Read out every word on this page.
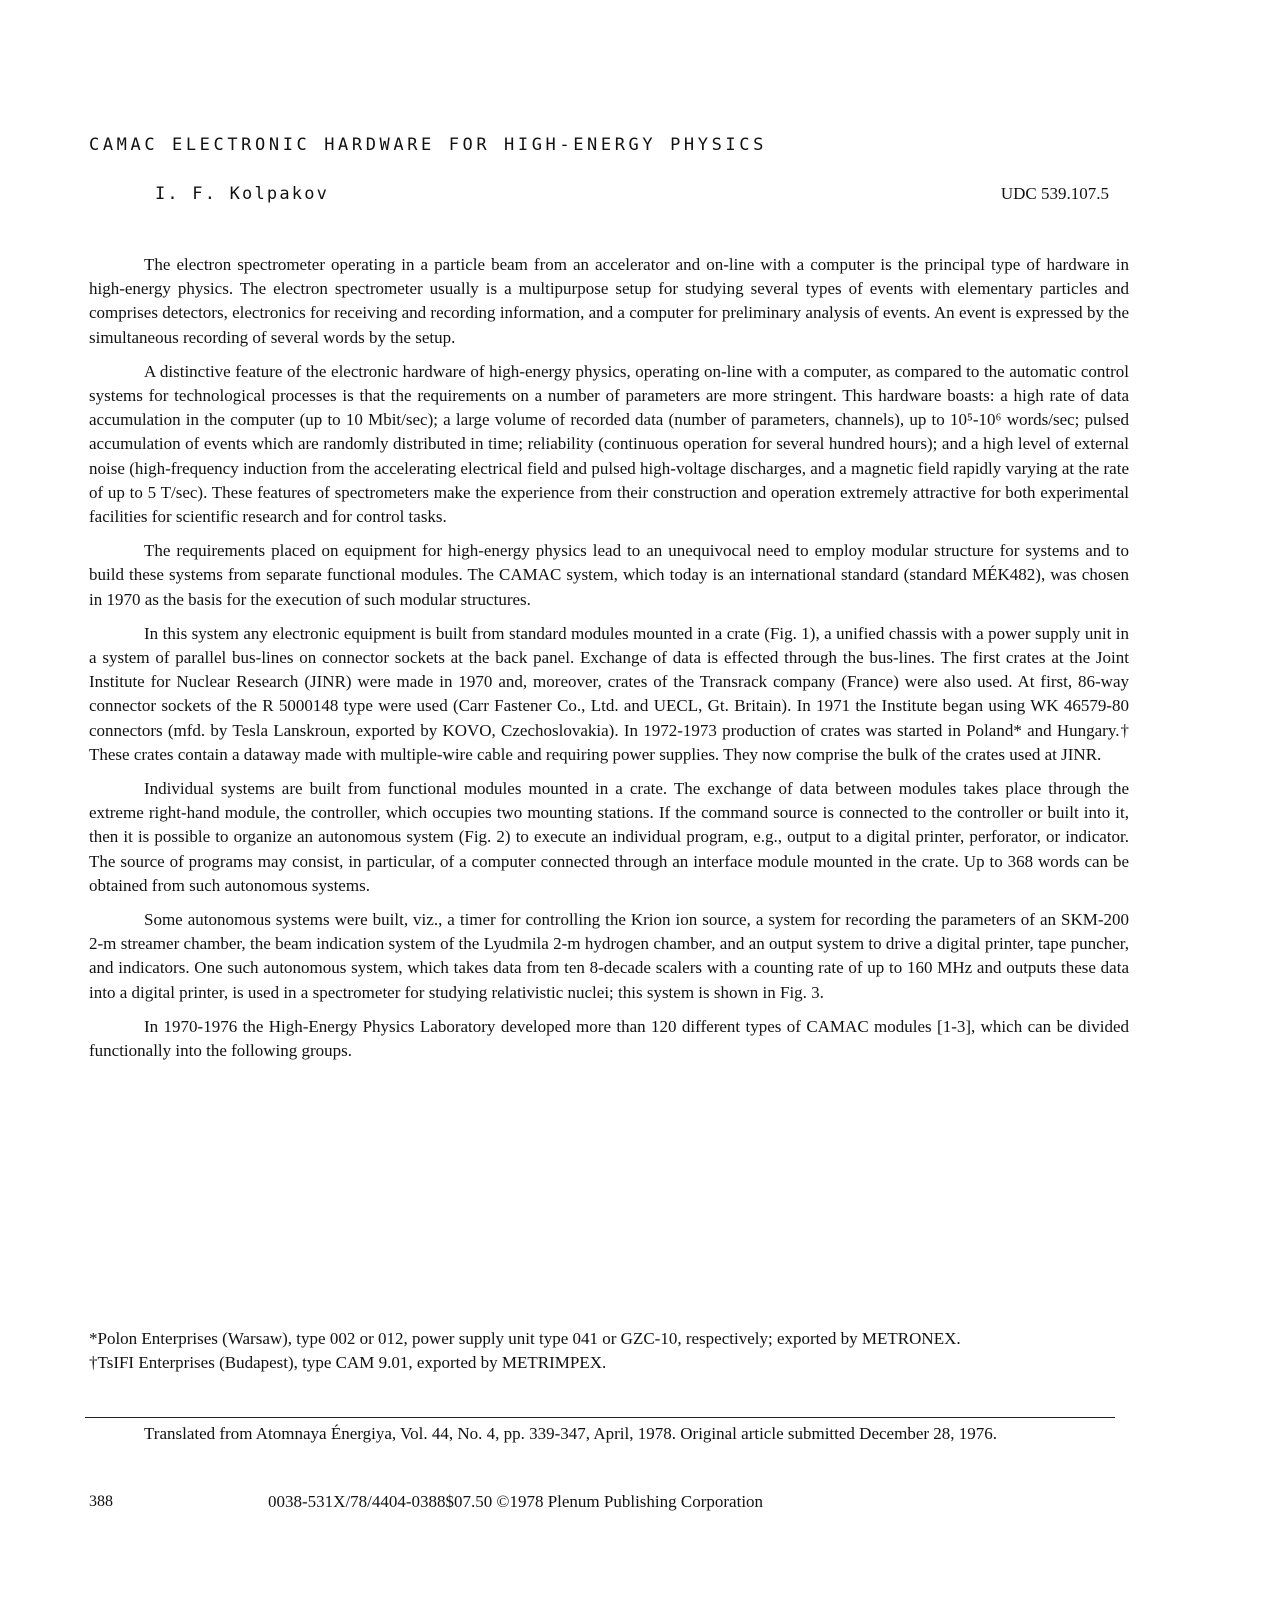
CAMAC ELECTRONIC HARDWARE FOR HIGH-ENERGY PHYSICS
I. F. Kolpakov	UDC 539.107.5

The electron spectrometer operating in a particle beam from an accelerator and on-line with a computer is the principal type of hardware in high-energy physics. The electron spectrometer usually is a multipurpose setup for studying several types of events with elementary particles and comprises detectors, electronics for receiving and recording information, and a computer for preliminary analysis of events. An event is expressed by the simultaneous recording of several words by the setup.

A distinctive feature of the electronic hardware of high-energy physics, operating on-line with a computer, as compared to the automatic control systems for technological processes is that the requirements on a number of parameters are more stringent. This hardware boasts: a high rate of data accumulation in the computer (up to 10 Mbit/sec); a large volume of recorded data (number of parameters, channels), up to 10⁵-10⁶ words/sec; pulsed accumulation of events which are randomly distributed in time; reliability (continuous operation for several hundred hours); and a high level of external noise (high-frequency induction from the accelerating electrical field and pulsed high-voltage discharges, and a magnetic field rapidly varying at the rate of up to 5 T/sec). These features of spectrometers make the experience from their construction and operation extremely attractive for both experimental facilities for scientific research and for control tasks.

The requirements placed on equipment for high-energy physics lead to an unequivocal need to employ modular structure for systems and to build these systems from separate functional modules. The CAMAC system, which today is an international standard (standard MÉK482), was chosen in 1970 as the basis for the execution of such modular structures.

In this system any electronic equipment is built from standard modules mounted in a crate (Fig. 1), a unified chassis with a power supply unit in a system of parallel bus-lines on connector sockets at the back panel. Exchange of data is effected through the bus-lines. The first crates at the Joint Institute for Nuclear Research (JINR) were made in 1970 and, moreover, crates of the Transrack company (France) were also used. At first, 86-way connector sockets of the R 5000148 type were used (Carr Fastener Co., Ltd. and UECL, Gt. Britain). In 1971 the Institute began using WK 46579-80 connectors (mfd. by Tesla Lanskroun, exported by KOVO, Czechoslovakia). In 1972-1973 production of crates was started in Poland* and Hungary.† These crates contain a dataway made with multiple-wire cable and requiring power supplies. They now comprise the bulk of the crates used at JINR.

Individual systems are built from functional modules mounted in a crate. The exchange of data between modules takes place through the extreme right-hand module, the controller, which occupies two mounting stations. If the command source is connected to the controller or built into it, then it is possible to organize an autonomous system (Fig. 2) to execute an individual program, e.g., output to a digital printer, perforator, or indicator. The source of programs may consist, in particular, of a computer connected through an interface module mounted in the crate. Up to 368 words can be obtained from such autonomous systems.

Some autonomous systems were built, viz., a timer for controlling the Krion ion source, a system for recording the parameters of an SKM-200 2-m streamer chamber, the beam indication system of the Lyudmila 2-m hydrogen chamber, and an output system to drive a digital printer, tape puncher, and indicators. One such autonomous system, which takes data from ten 8-decade scalers with a counting rate of up to 160 MHz and outputs these data into a digital printer, is used in a spectrometer for studying relativistic nuclei; this system is shown in Fig. 3.

In 1970-1976 the High-Energy Physics Laboratory developed more than 120 different types of CAMAC modules [1-3], which can be divided functionally into the following groups.

*Polon Enterprises (Warsaw), type 002 or 012, power supply unit type 041 or GZC-10, respectively; exported by METRONEX.

†TsIFI Enterprises (Budapest), type CAM 9.01, exported by METRIMPEX.

Translated from Atomnaya Énergiya, Vol. 44, No. 4, pp. 339-347, April, 1978. Original article submitted December 28, 1976.

388	0038-531X/78/4404-0388$07.50 ©1978 Plenum Publishing Corporation
